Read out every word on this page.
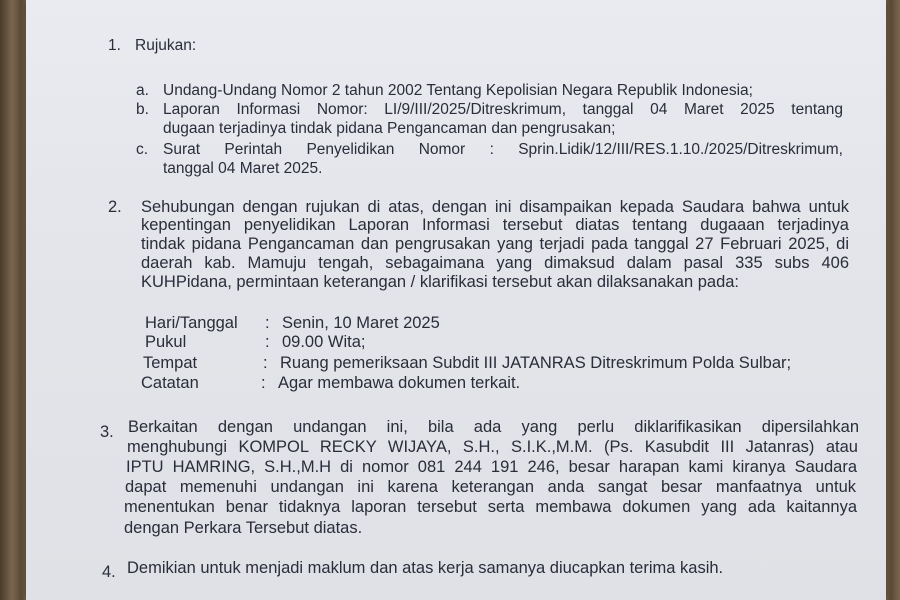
1. Rujukan:
a. Undang-Undang Nomor 2 tahun 2002 Tentang Kepolisian Negara Republik Indonesia;
b. Laporan Informasi Nomor: LI/9/III/2025/Ditreskrimum, tanggal 04 Maret 2025 tentang
dugaan terjadinya tindak pidana Pengancaman dan pengrusakan;
c. Surat Perintah Penyelidikan Nomor : Sprin.Lidik/12/III/RES.1.10./2025/Ditreskrimum,
tanggal 04 Maret 2025.
2. Sehubungan dengan rujukan di atas, dengan ini disampaikan kepada Saudara bahwa untuk
kepentingan penyelidikan Laporan Informasi tersebut diatas tentang dugaaan terjadinya
tindak pidana Pengancaman dan pengrusakan yang terjadi pada tanggal 27 Februari 2025, di
daerah kab. Mamuju tengah, sebagaimana yang dimaksud dalam pasal 335 subs 406
KUHPidana, permintaan keterangan / klarifikasi tersebut akan dilaksanakan pada:
Hari/Tanggal : Senin, 10 Maret 2025
Pukul	: 09.00 Wita;
Tempat	: Ruang pemeriksaan Subdit III JATANRAS Ditreskrimum Polda Sulbar;
Catatan	: Agar membawa dokumen terkait.
3. Berkaitan dengan undangan ini, bila ada yang perlu diklarifikasikan dipersilahkan
menghubungi KOMPOL RECKY WIJAYA, S.H., S.I.K.,M.M. (Ps. Kasubdit III Jatanras) atau
IPTU HAMRING, S.H.,M.H di nomor 081 244 191 246, besar harapan kami kiranya Saudara
dapat memenuhi undangan ini karena keterangan anda sangat besar manfaatnya untuk
menentukan benar tidaknya laporan tersebut serta membawa dokumen yang ada kaitannya
dengan Perkara Tersebut diatas.
4. Demikian untuk menjadi maklum dan atas kerja samanya diucapkan terima kasih.
